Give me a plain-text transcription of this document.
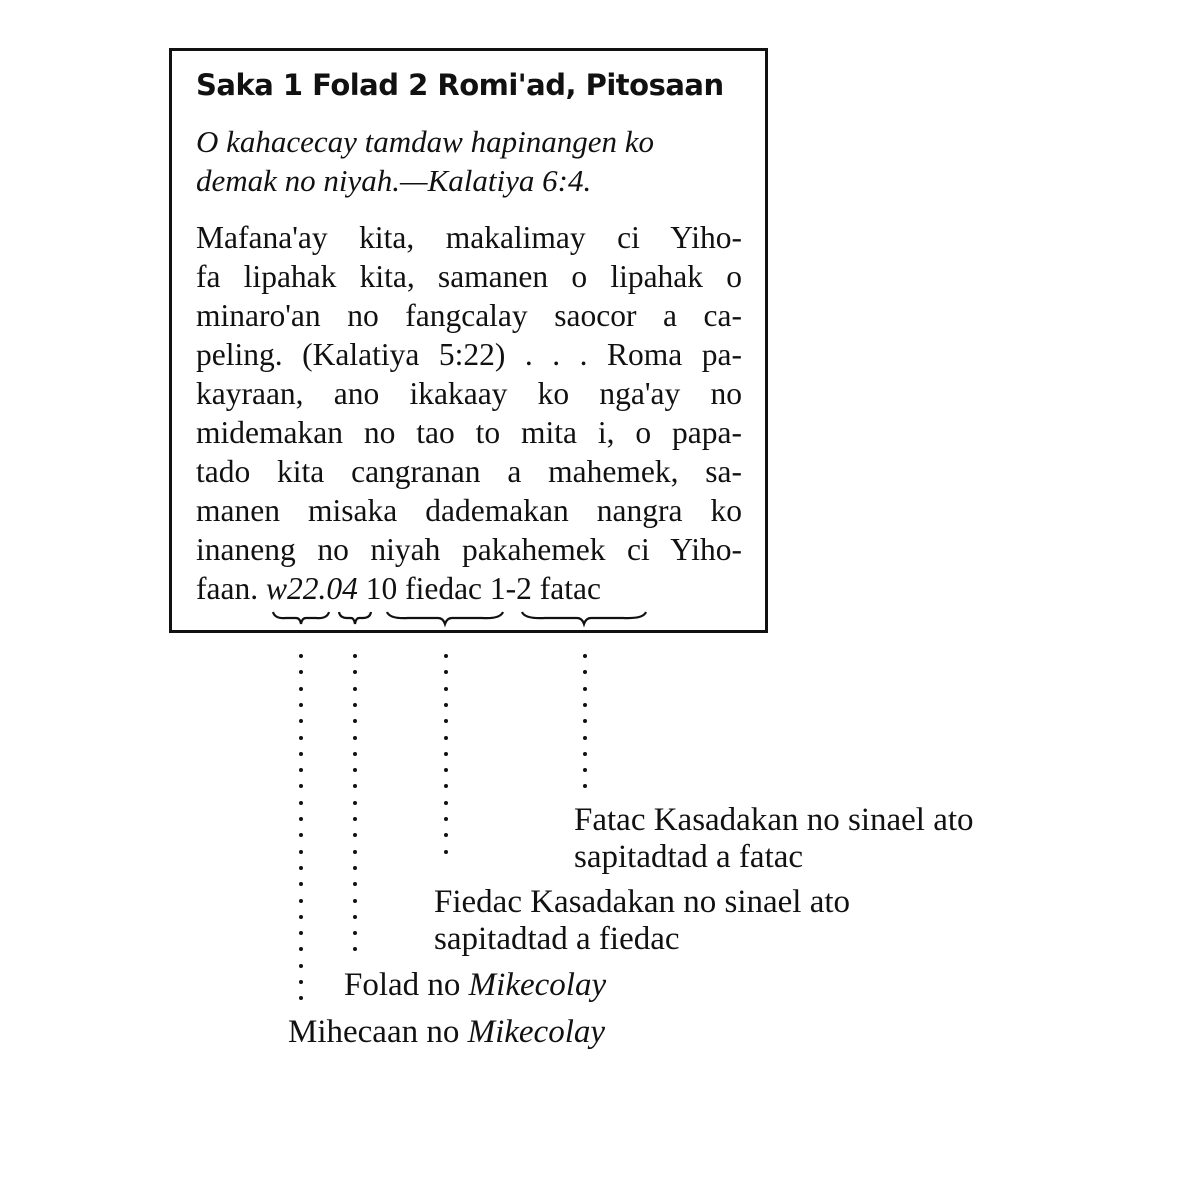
Saka 1 Folad 2 Romi'ad, Pitosaan
O kahacecay tamdaw hapinangen ko
demak no niyah.—Kalatiya 6:4.
Mafana'ay kita, makalimay ci Yiho-
fa lipahak kita, samanen o lipahak o
minaro'an no fangcalay saocor a ca-
peling. (Kalatiya 5:22) . . . Roma pa-
kayraan, ano ikakaay ko nga'ay no
midemakan no tao to mita i, o papa-
tado kita cangranan a mahemek, sa-
manen misaka dademakan nangra ko
inaneng no niyah pakahemek ci Yiho-
faan. w22.04 10 fiedac 1-2 fatac
Fatac Kasadakan no sinael ato
sapitadtad a fatac
Fiedac Kasadakan no sinael ato
sapitadtad a fiedac
Folad no Mikecolay
Mihecaan no Mikecolay
